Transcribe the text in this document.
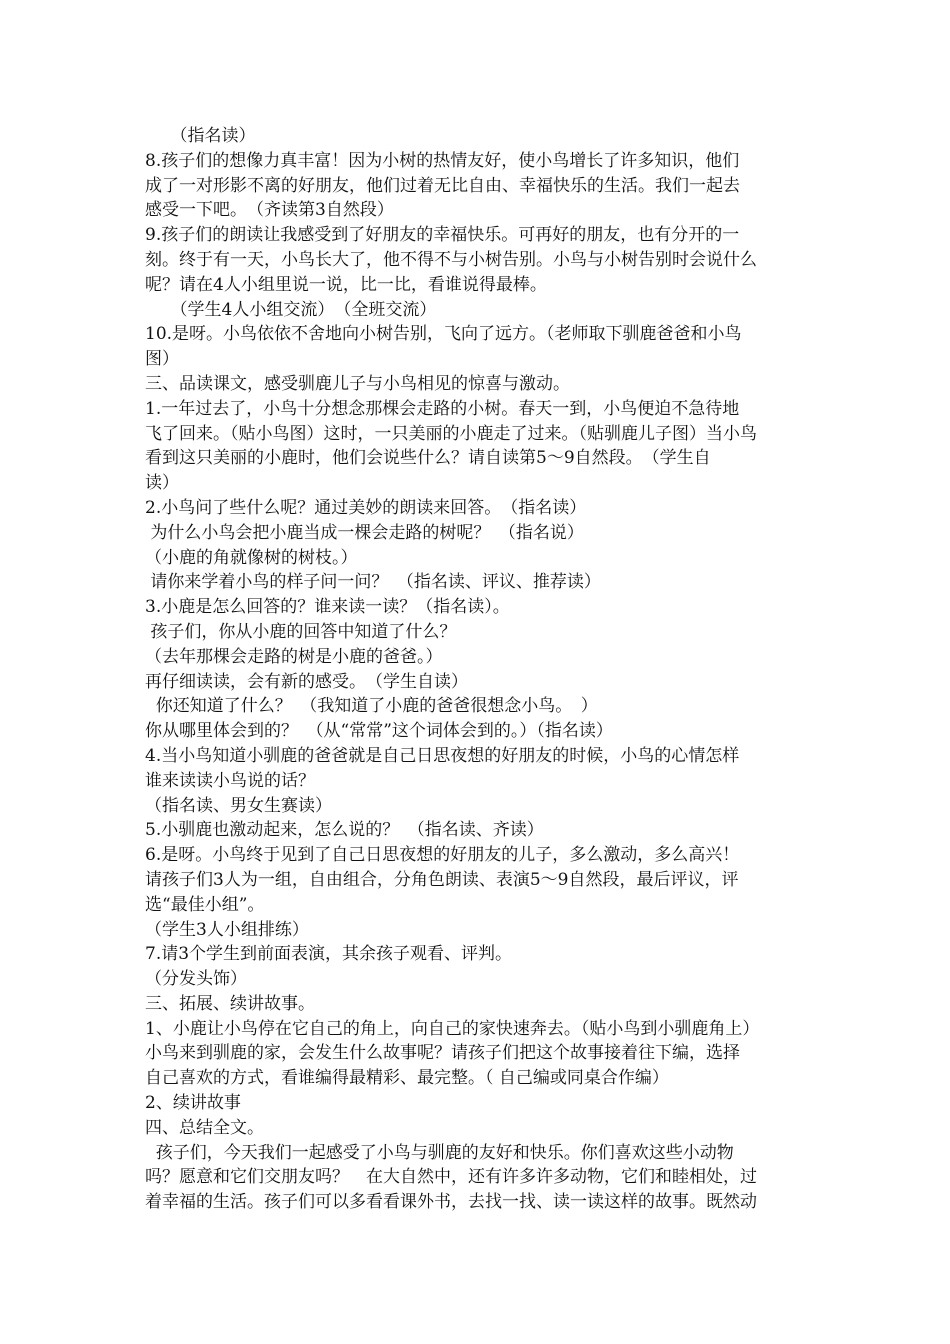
　　（指名读）
8.孩子们的想像力真丰富！因为小树的热情友好，使小鸟增长了许多知识，他们
成了一对形影不离的好朋友，他们过着无比自由、幸福快乐的生活。我们一起去
感受一下吧。　（齐读第3自然段）
9.孩子们的朗读让我感受到了好朋友的幸福快乐。可再好的朋友，也有分开的一
刻。终于有一天，小鸟长大了，他不得不与小树告别。小鸟与小树告别时会说什么
呢？请在4人小组里说一说，比一比，看谁说得最棒。
　　（学生4人小组交流）　（全班交流）
10.是呀。小鸟依依不舍地向小树告别，飞向了远方。（老师取下驯鹿爸爸和小鸟
图）
三、品读课文，感受驯鹿儿子与小鸟相见的惊喜与激动。
1.一年过去了，小鸟十分想念那棵会走路的小树。春天一到，小鸟便迫不急待地
飞了回来。（贴小鸟图）这时，一只美丽的小鹿走了过来。（贴驯鹿儿子图）当小鸟
看到这只美丽的小鹿时，他们会说些什么？请自读第5～9自然段。　（学生自
读）
2.小鸟问了些什么呢？通过美妙的朗读来回答。　（指名读）
为什么小鸟会把小鹿当成一棵会走路的树呢？　（指名说）
（小鹿的角就像树的树枝。）
请你来学着小鸟的样子问一问？　（指名读、评议、推荐读）
3.小鹿是怎么回答的？谁来读一读？（指名读）。
孩子们，你从小鹿的回答中知道了什么？
（去年那棵会走路的树是小鹿的爸爸。）
再仔细读读，会有新的感受。　（学生自读）
你还知道了什么？　（我知道了小鹿的爸爸很想念小鸟。　）
你从哪里体会到的？　（从“常常”这个词体会到的。）（指名读）
4.当小鸟知道小驯鹿的爸爸就是自己日思夜想的好朋友的时候，小鸟的心情怎样
谁来读读小鸟说的话？
（指名读、男女生赛读）
5.小驯鹿也激动起来，怎么说的？　（指名读、齐读）
6.是呀。小鸟终于见到了自己日思夜想的好朋友的儿子，多么激动，多么高兴！
请孩子们3人为一组，自由组合，分角色朗读、表演5～9自然段，最后评议，评
选“最佳小组”。
（学生3人小组排练）
7.请3个学生到前面表演，其余孩子观看、评判。
（分发头饰）
三、拓展、续讲故事。
1、小鹿让小鸟停在它自己的角上，向自己的家快速奔去。（贴小鸟到小驯鹿角上）
小鸟来到驯鹿的家，会发生什么故事呢？请孩子们把这个故事接着往下编，选择
自己喜欢的方式，看谁编得最精彩、最完整。（ 自己编或同桌合作编）
2、续讲故事
四、总结全文。
孩子们，今天我们一起感受了小鸟与驯鹿的友好和快乐。你们喜欢这些小动物
吗？愿意和它们交朋友吗？　在大自然中，还有许多许多动物，它们和睦相处，过
着幸福的生活。孩子们可以多看看课外书，去找一找、读一读这样的故事。既然动
